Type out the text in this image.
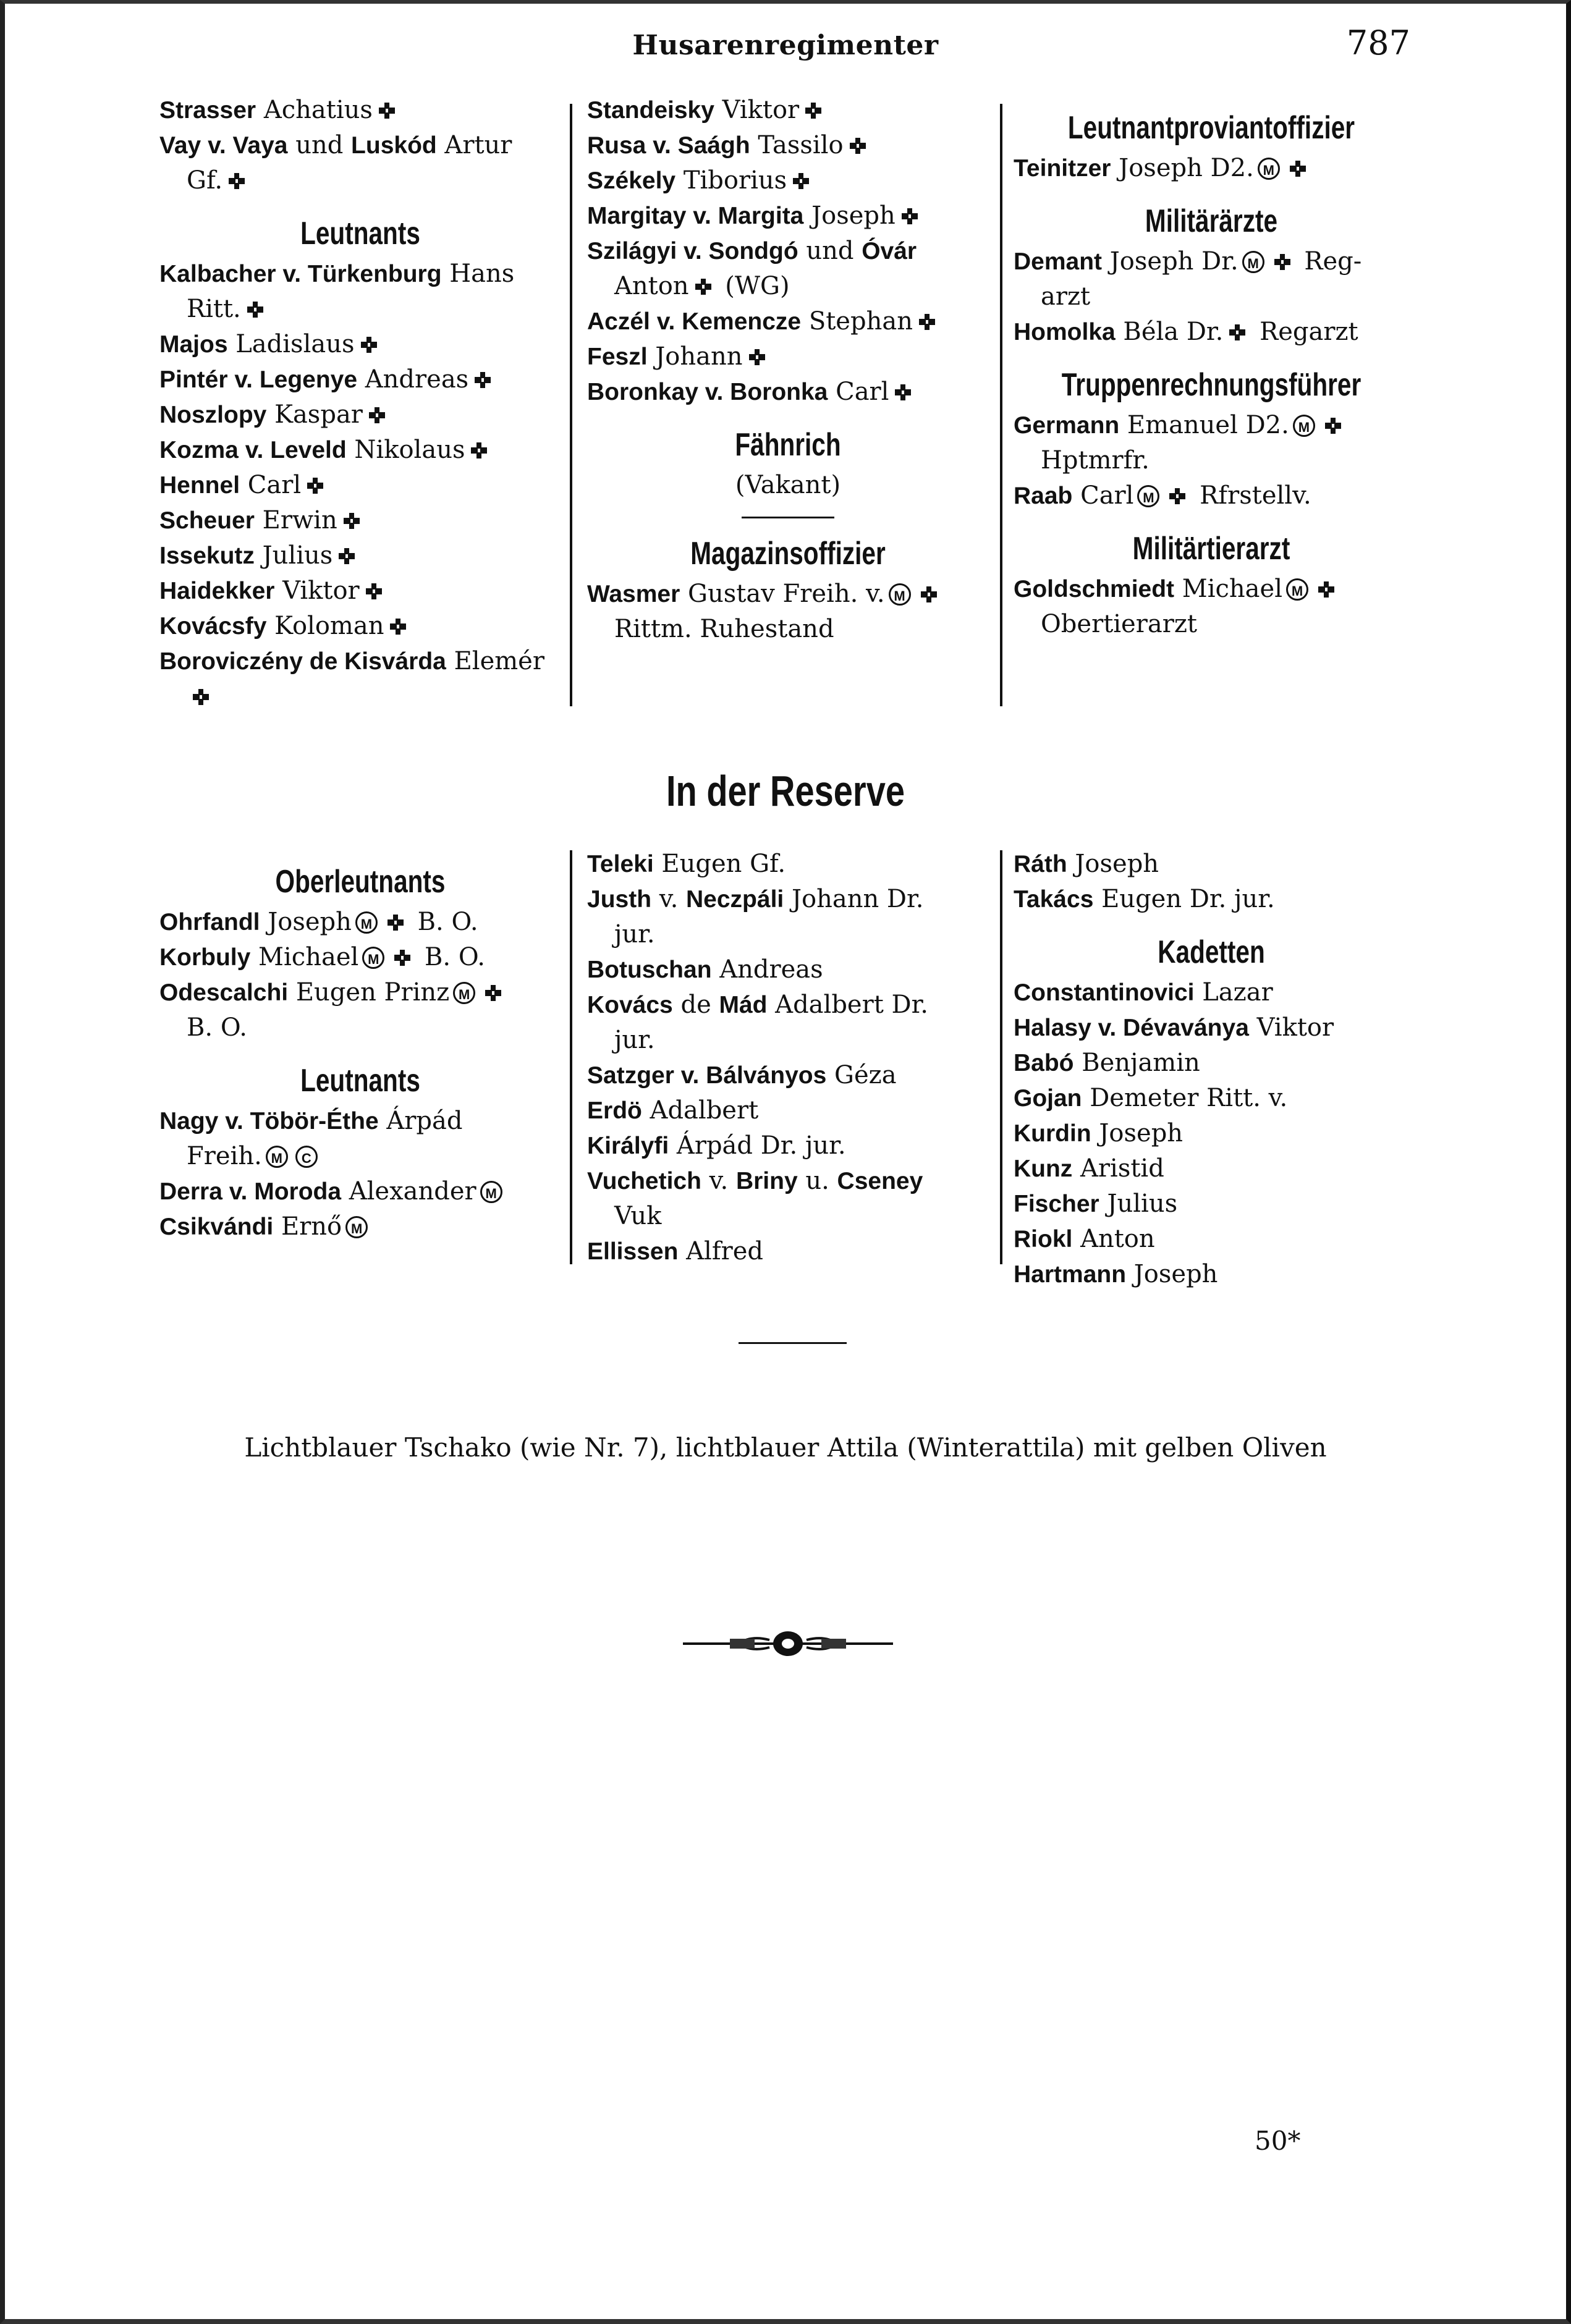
Husarenregimenter	787
Strasser Achatius
Vay v. Vaya und Luskód Artur
Gf.
Leutnants
Kalbacher v. Türkenburg Hans
Ritt.
Majos Ladislaus
Pintér v. Legenye Andreas
Noszlopy Kaspar
Kozma v. Leveld Nikolaus
Hennel Carl
Scheuer Erwin
Issekutz Julius
Haidekker Viktor
Kovácsfy Koloman
Boroviczény de Kisvárda Elemér
Standeisky Viktor
Rusa v. Saágh Tassilo
Székely Tiborius
Margitay v. Margita Joseph
Szilágyi v. Sondgó und Óvár
Anton (WG)
Aczél v. Kemencze Stephan
Feszl Johann
Boronkay v. Boronka Carl
Fähnrich
(Vakant)
Magazinsoffizier
Wasmer Gustav Freih. v. M
Rittm. Ruhestand
Leutnantproviantoffizier
Teinitzer Joseph D2. M
Militärärzte
Demant Joseph Dr. M Reg-
arzt
Homolka Béla Dr. Regarzt
Truppenrechnungsführer
Germann Emanuel D2. M
Hptmrfr.
Raab Carl M Rfrstellv.
Militärtierarzt
Goldschmiedt Michael M
Obertierarzt
In der Reserve
Oberleutnants
Ohrfandl Joseph M B. O.
Korbuly Michael M B. O.
Odescalchi Eugen Prinz M
B. O.
Leutnants
Nagy v. Töbör-Éthe Árpád
Freih. M C
Derra v. Moroda Alexander M
Csikvándi Ernő M
Teleki Eugen Gf.
Justh v. Neczpáli Johann Dr.
jur.
Botuschan Andreas
Kovács de Mád Adalbert Dr.
jur.
Satzger v. Bálványos Géza
Erdö Adalbert
Királyfi Árpád Dr. jur.
Vuchetich v. Briny u. Cseney
Vuk
Ellissen Alfred
Ráth Joseph
Takács Eugen Dr. jur.
Kadetten
Constantinovici Lazar
Halasy v. Dévaványa Viktor
Babó Benjamin
Gojan Demeter Ritt. v.
Kurdin Joseph
Kunz Aristid
Fischer Julius
Riokl Anton
Hartmann Joseph
Lichtblauer Tschako (wie Nr. 7), lichtblauer Attila (Winterattila) mit gelben Oliven
50*
